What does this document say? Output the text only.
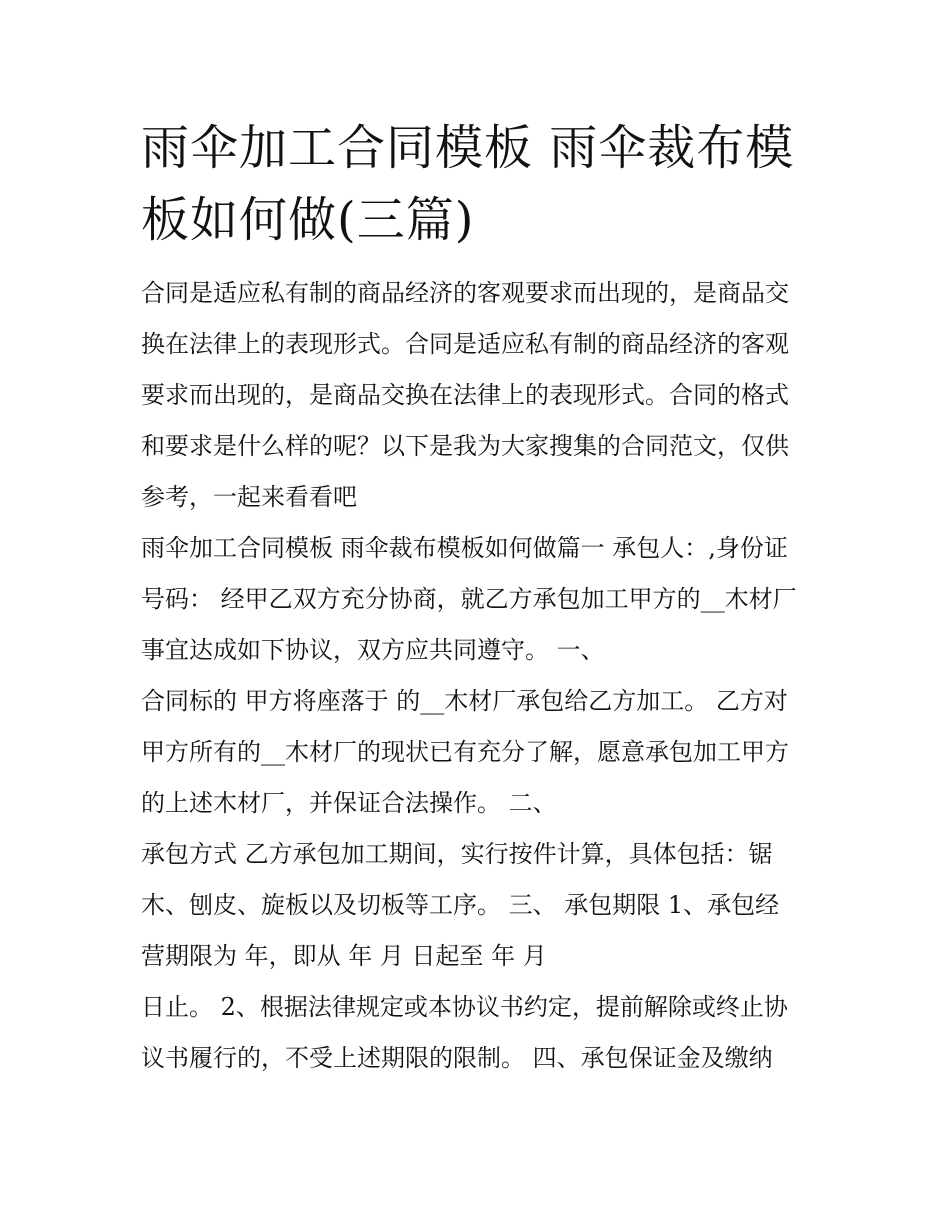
雨伞加工合同模板 雨伞裁布模
板如何做(三篇)

合同是适应私有制的商品经济的客观要求而出现的，是商品交
换在法律上的表现形式。合同是适应私有制的商品经济的客观
要求而出现的，是商品交换在法律上的表现形式。合同的格式
和要求是什么样的呢？以下是我为大家搜集的合同范文，仅供
参考，一起来看看吧

雨伞加工合同模板 雨伞裁布模板如何做篇一 承包人：,身份证
号码： 经甲乙双方充分协商，就乙方承包加工甲方的__木材厂
事宜达成如下协议，双方应共同遵守。 一、

合同标的 甲方将座落于 的__木材厂承包给乙方加工。 乙方对
甲方所有的__木材厂的现状已有充分了解，愿意承包加工甲方
的上述木材厂，并保证合法操作。 二、

承包方式 乙方承包加工期间，实行按件计算，具体包括：锯
木、刨皮、旋板以及切板等工序。 三、 承包期限 1、承包经
营期限为 年，即从 年 月 日起至 年 月

日止。 2、根据法律规定或本协议书约定，提前解除或终止协
议书履行的，不受上述期限的限制。 四、承包保证金及缴纳
